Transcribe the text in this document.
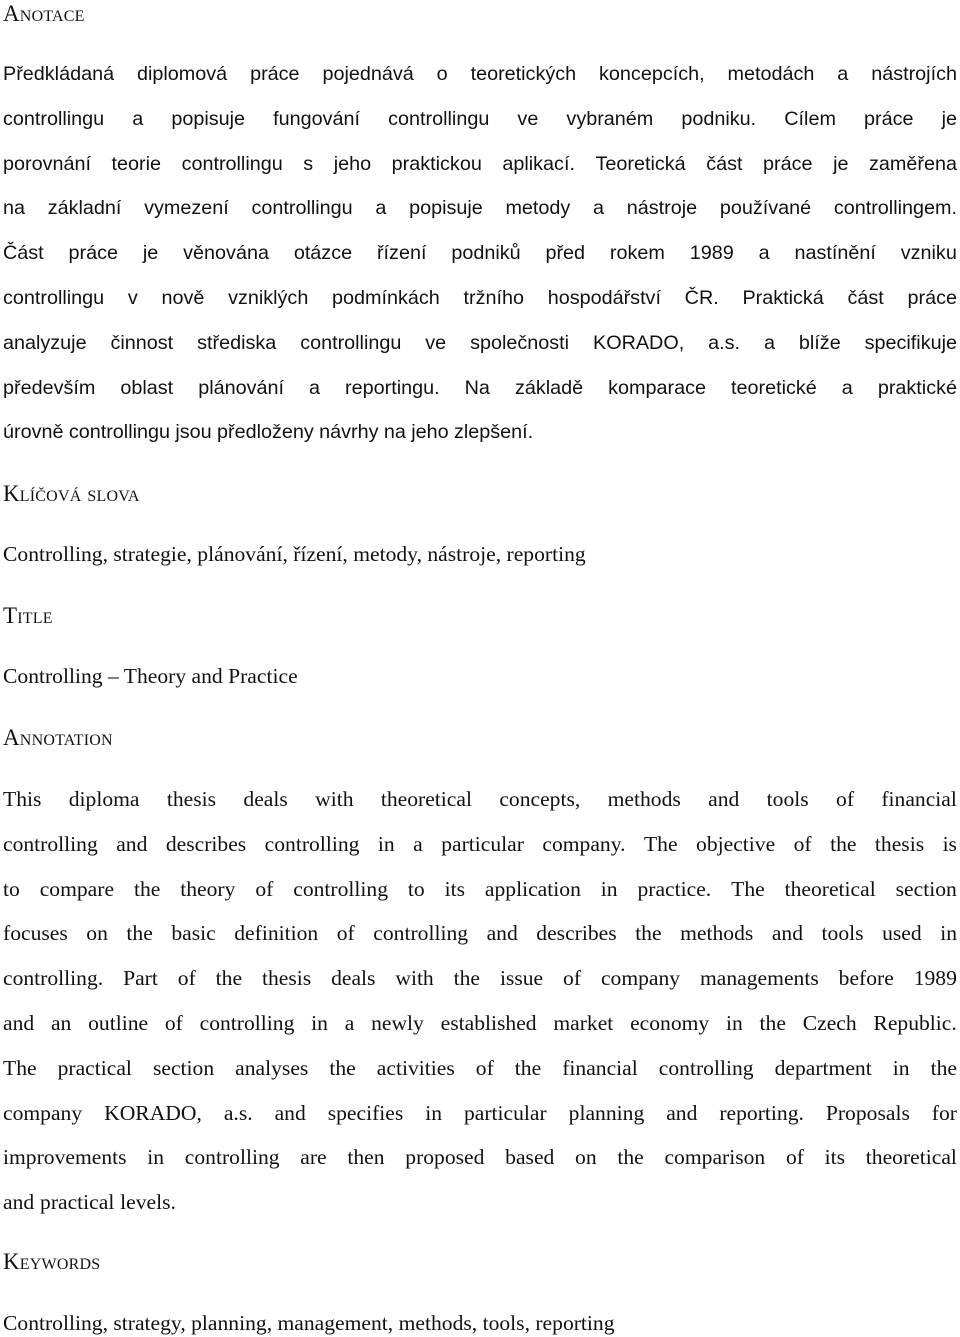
Anotace
Předkládaná diplomová práce pojednává o teoretických koncepcích, metodách a nástrojích
controllingu a popisuje fungování controllingu ve vybraném podniku. Cílem práce je
porovnání teorie controllingu s jeho praktickou aplikací. Teoretická část práce je zaměřena
na základní vymezení controllingu a popisuje metody a nástroje používané controllingem.
Část práce je věnována otázce řízení podniků před rokem 1989 a nastínění vzniku
controllingu v nově vzniklých podmínkách tržního hospodářství ČR. Praktická část práce
analyzuje činnost střediska controllingu ve společnosti KORADO, a.s. a blíže specifikuje
především oblast plánování a reportingu. Na základě komparace teoretické a praktické
úrovně controllingu jsou předloženy návrhy na jeho zlepšení.
Klíčová slova

Controlling, strategie, plánování, řízení, metody, nástroje, reporting

Title

Controlling – Theory and Practice

Annotation
This diploma thesis deals with theoretical concepts, methods and tools of financial
controlling and describes controlling in a particular company. The objective of the thesis is
to compare the theory of controlling to its application in practice. The theoretical section
focuses on the basic definition of controlling and describes the methods and tools used in
controlling. Part of the thesis deals with the issue of company managements before 1989
and an outline of controlling in a newly established market economy in the Czech Republic.
The practical section analyses the activities of the financial controlling department in the
company KORADO, a.s. and specifies in particular planning and reporting. Proposals for
improvements in controlling are then proposed based on the comparison of its theoretical
and practical levels.
Keywords

Controlling, strategy, planning, management, methods, tools, reporting
